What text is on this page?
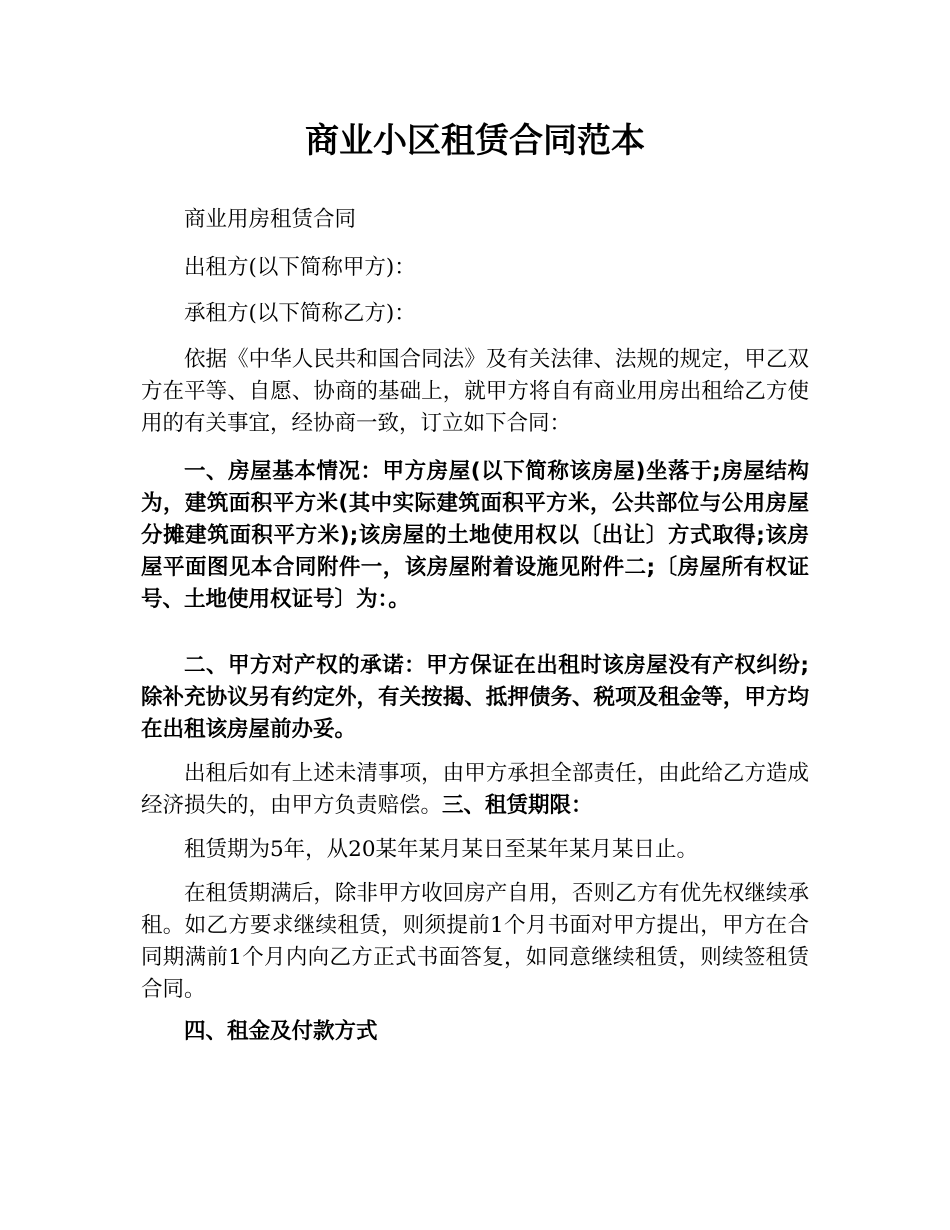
商业小区租赁合同范本

商业用房租赁合同

出租方(以下简称甲方)：

承租方(以下简称乙方)：

依据《中华人民共和国合同法》及有关法律、法规的规定，甲乙双方在平等、自愿、协商的基础上，就甲方将自有商业用房出租给乙方使用的有关事宜，经协商一致，订立如下合同：

一、房屋基本情况：甲方房屋(以下简称该房屋)坐落于;房屋结构为，建筑面积平方米(其中实际建筑面积平方米，公共部位与公用房屋分摊建筑面积平方米);该房屋的土地使用权以〔出让〕方式取得;该房屋平面图见本合同附件一，该房屋附着设施见附件二;〔房屋所有权证号、土地使用权证号〕为：。

二、甲方对产权的承诺：甲方保证在出租时该房屋没有产权纠纷;除补充协议另有约定外，有关按揭、抵押债务、税项及租金等，甲方均在出租该房屋前办妥。

出租后如有上述未清事项，由甲方承担全部责任，由此给乙方造成经济损失的，由甲方负责赔偿。三、租赁期限：

租赁期为5年，从20某年某月某日至某年某月某日止。

在租赁期满后，除非甲方收回房产自用，否则乙方有优先权继续承租。如乙方要求继续租赁，则须提前1个月书面对甲方提出，甲方在合同期满前1个月内向乙方正式书面答复，如同意继续租赁，则续签租赁合同。

四、租金及付款方式
